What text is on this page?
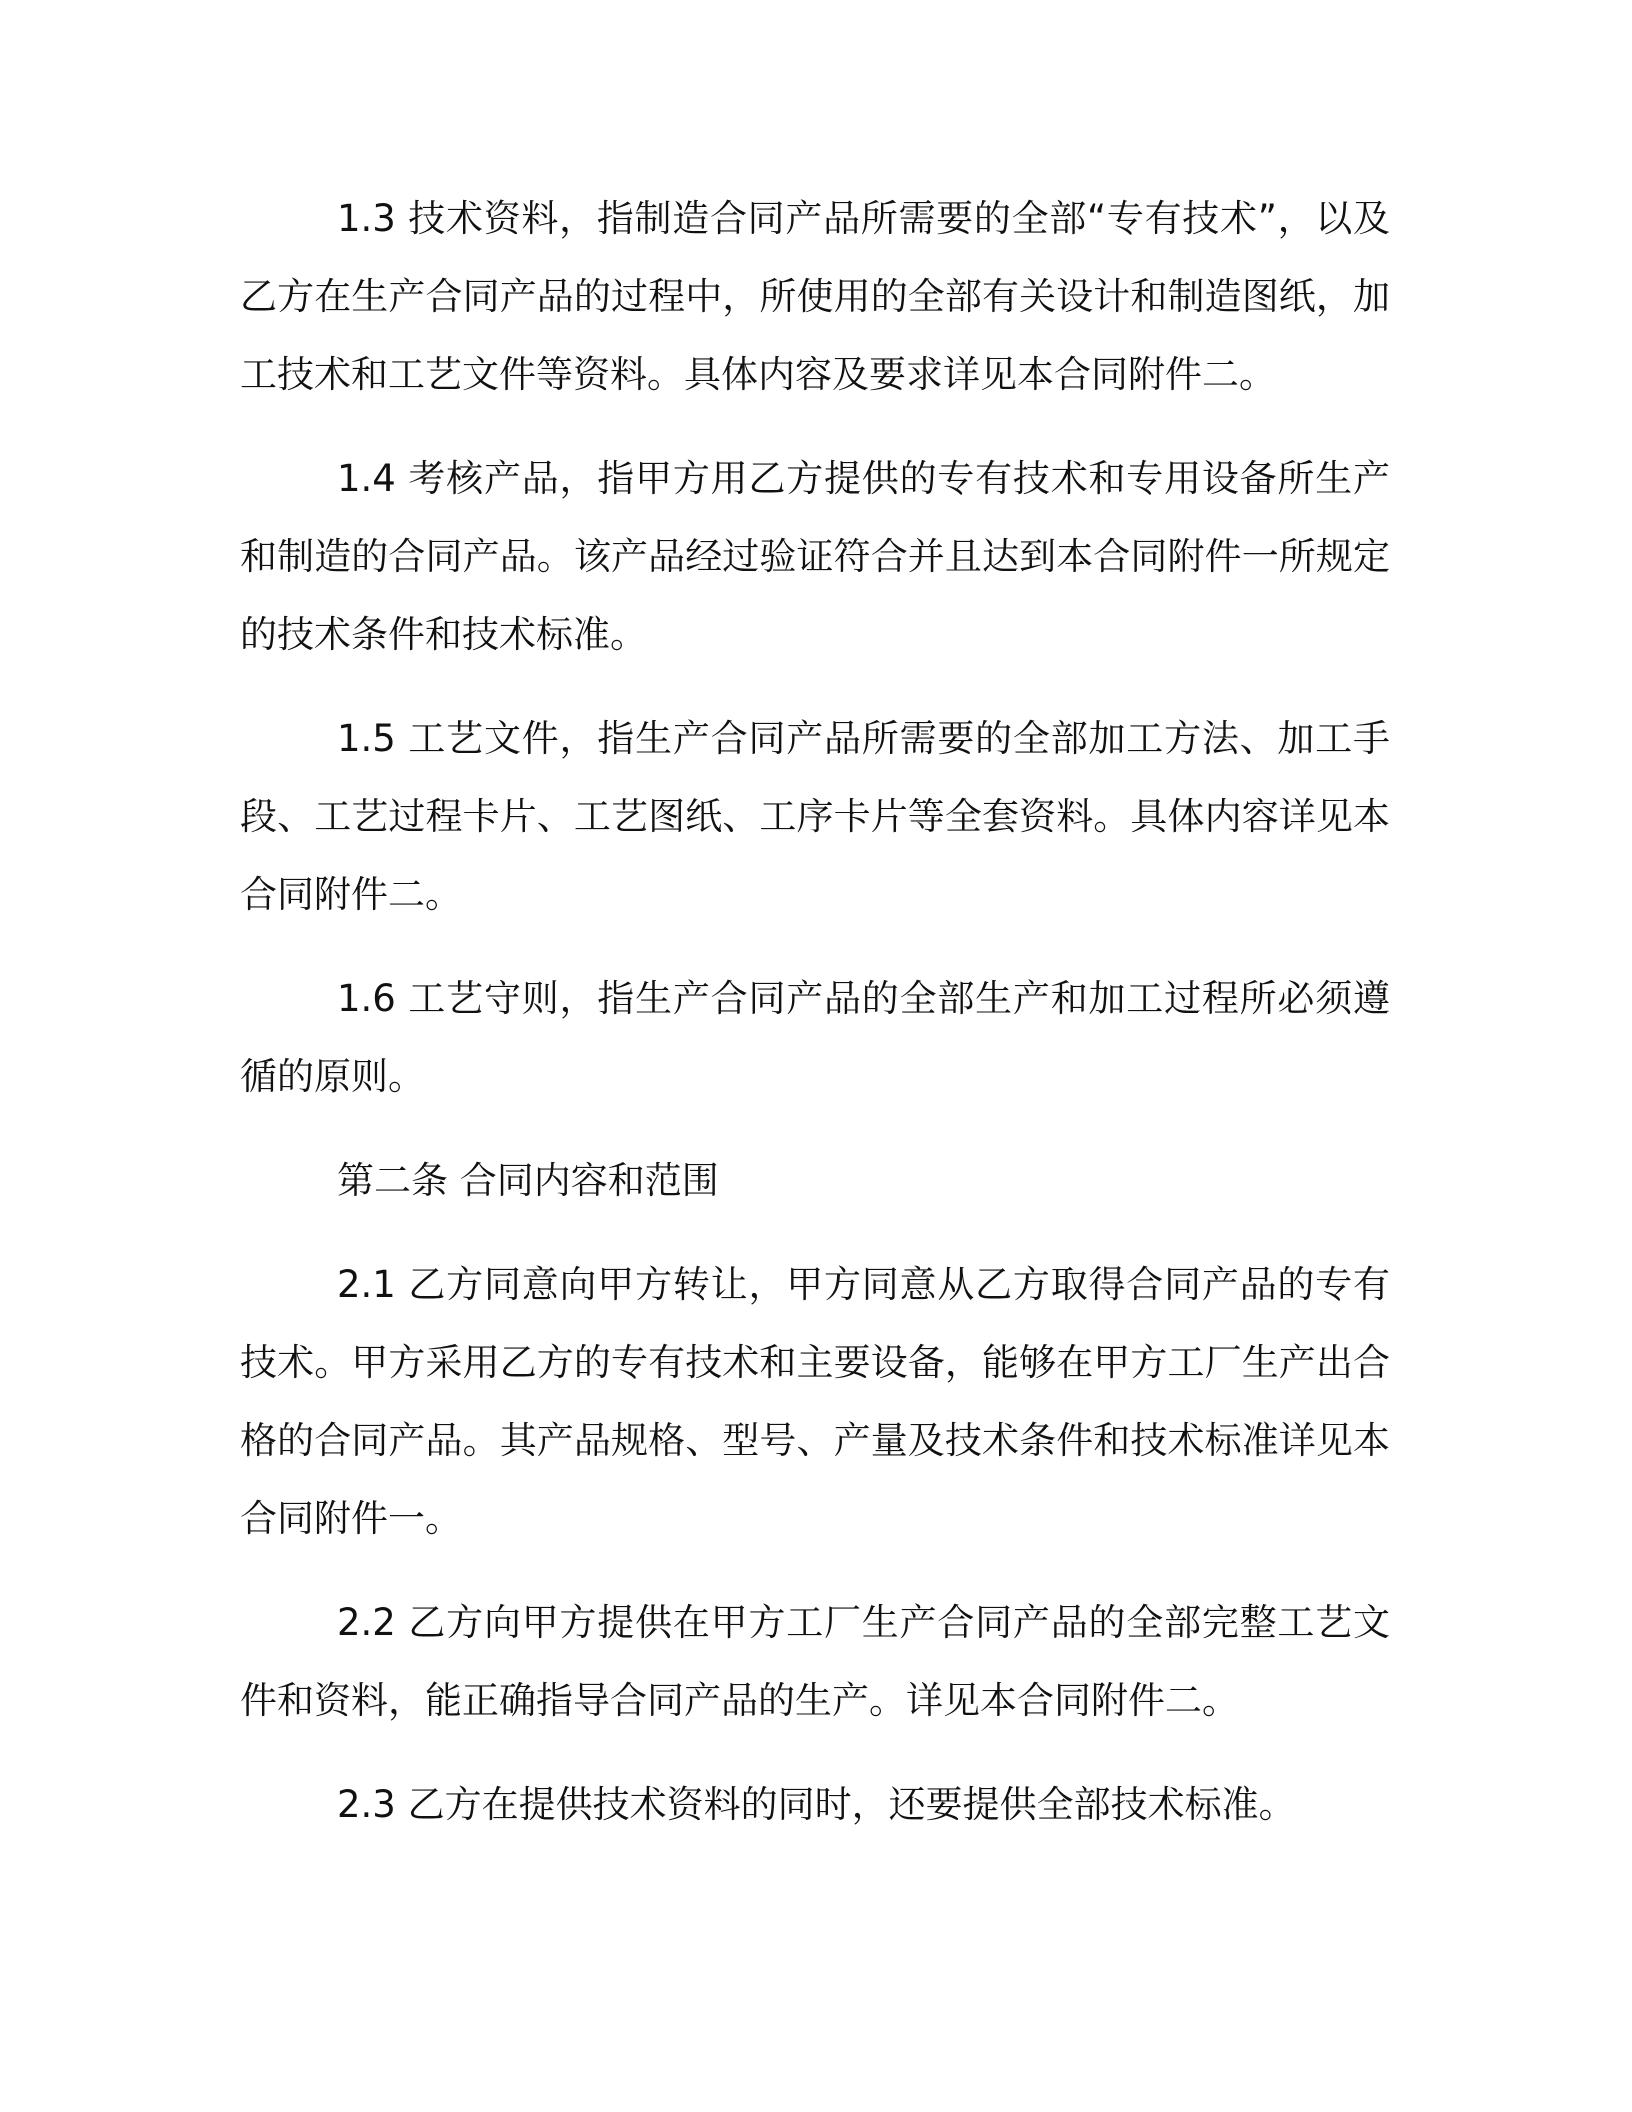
1.3 技术资料，指制造合同产品所需要的全部“专有技术”，以及乙方在生产合同产品的过程中，所使用的全部有关设计和制造图纸，加工技术和工艺文件等资料。具体内容及要求详见本合同附件二。

1.4 考核产品，指甲方用乙方提供的专有技术和专用设备所生产和制造的合同产品。该产品经过验证符合并且达到本合同附件一所规定的技术条件和技术标准。

1.5 工艺文件，指生产合同产品所需要的全部加工方法、加工手段、工艺过程卡片、工艺图纸、工序卡片等全套资料。具体内容详见本合同附件二。

1.6 工艺守则，指生产合同产品的全部生产和加工过程所必须遵循的原则。

第二条 合同内容和范围

2.1 乙方同意向甲方转让，甲方同意从乙方取得合同产品的专有技术。甲方采用乙方的专有技术和主要设备，能够在甲方工厂生产出合格的合同产品。其产品规格、型号、产量及技术条件和技术标准详见本合同附件一。

2.2 乙方向甲方提供在甲方工厂生产合同产品的全部完整工艺文件和资料，能正确指导合同产品的生产。详见本合同附件二。

2.3 乙方在提供技术资料的同时，还要提供全部技术标准。
